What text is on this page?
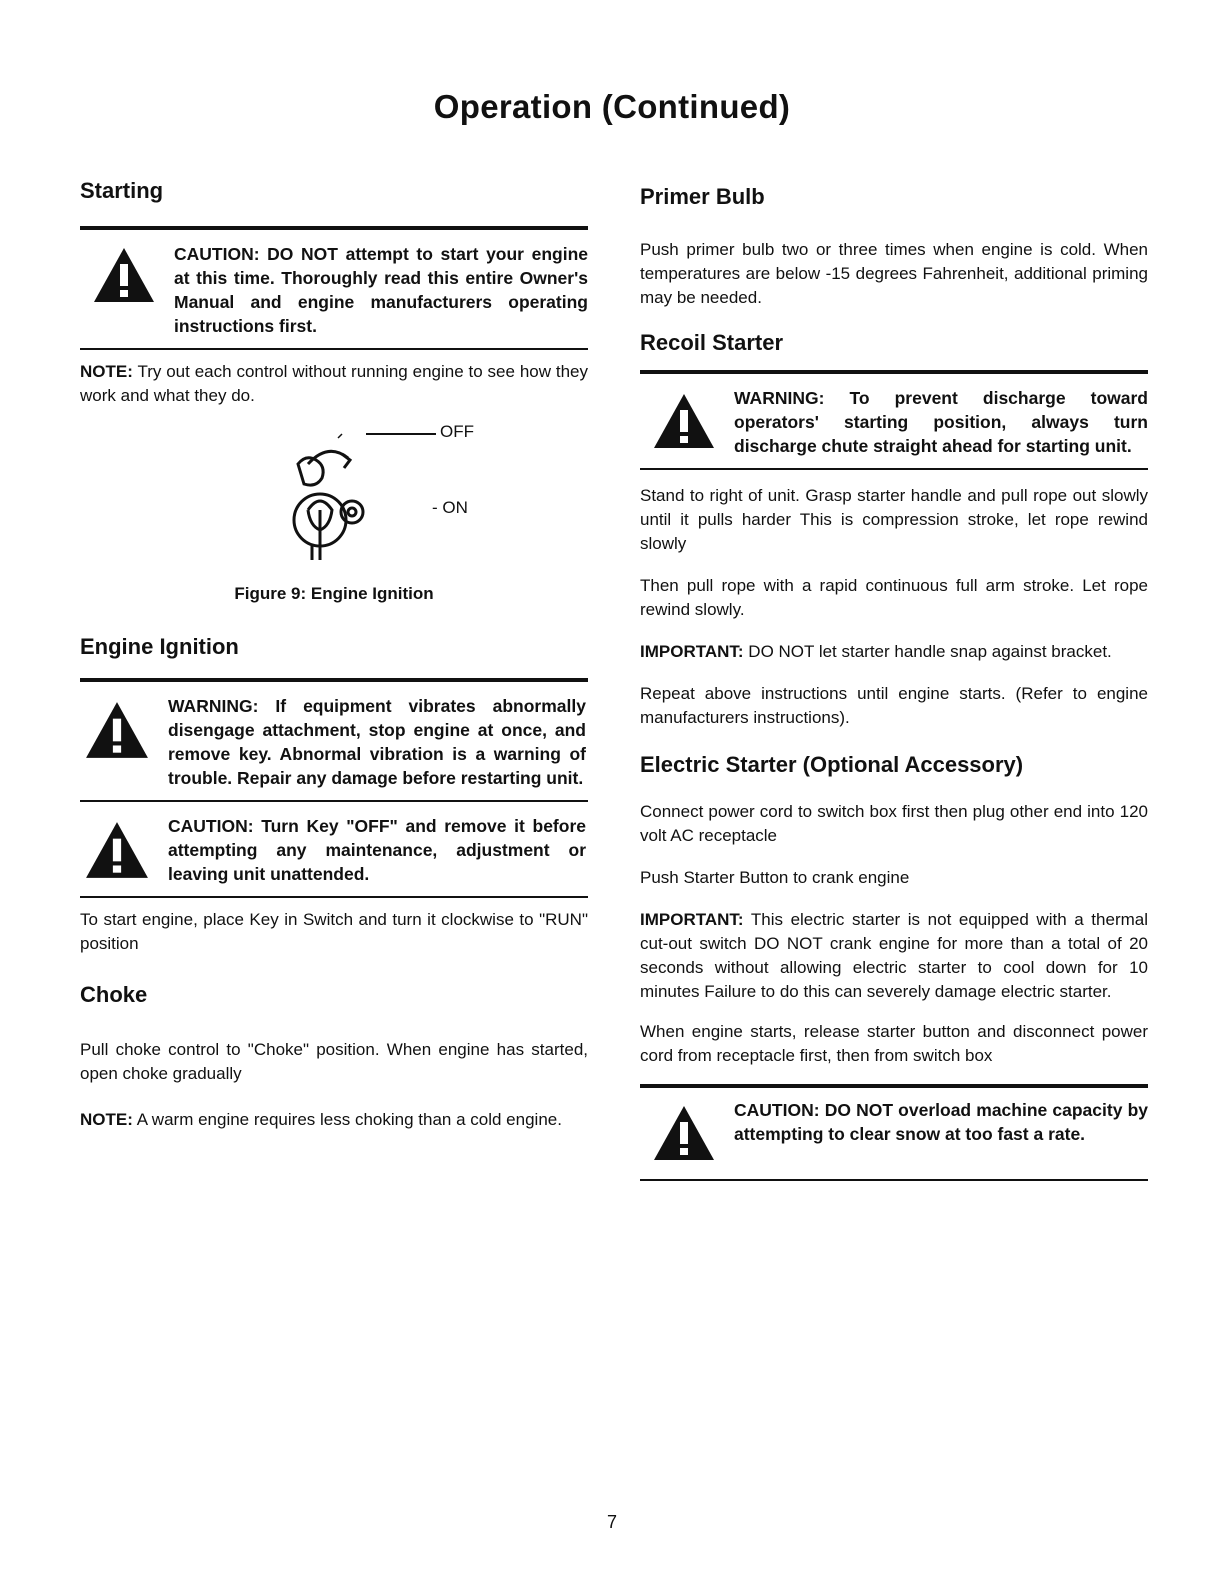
Operation (Continued)
Starting

CAUTION: DO NOT attempt to start your engine at this time. Thoroughly read this entire Owner's Manual and engine manufacturers operating instructions first.

NOTE: Try out each control without running engine to see how they work and what they do.

OFF
- ON
Figure 9: Engine Ignition
Engine Ignition

WARNING: If equipment vibrates abnormally disengage attachment, stop engine at once, and remove key. Abnormal vibration is a warning of trouble. Repair any damage before restarting unit.

CAUTION: Turn Key "OFF" and remove it before attempting any maintenance, adjustment or leaving unit unattended.

To start engine, place Key in Switch and turn it clockwise to "RUN" position

Choke

Pull choke control to "Choke" position. When engine has started, open choke gradually

NOTE: A warm engine requires less choking than a cold engine.

Primer Bulb

Push primer bulb two or three times when engine is cold. When temperatures are below -15 degrees Fahrenheit, additional priming may be needed.

Recoil Starter

WARNING: To prevent discharge toward operators' starting position, always turn discharge chute straight ahead for starting unit.

Stand to right of unit. Grasp starter handle and pull rope out slowly until it pulls harder This is compression stroke, let rope rewind slowly

Then pull rope with a rapid continuous full arm stroke. Let rope rewind slowly.

IMPORTANT: DO NOT let starter handle snap against bracket.

Repeat above instructions until engine starts. (Refer to engine manufacturers instructions).

Electric Starter (Optional Accessory)

Connect power cord to switch box first then plug other end into 120 volt AC receptacle

Push Starter Button to crank engine

IMPORTANT: This electric starter is not equipped with a thermal cut-out switch DO NOT crank engine for more than a total of 20 seconds without allowing electric starter to cool down for 10 minutes Failure to do this can severely damage electric starter.

When engine starts, release starter button and disconnect power cord from receptacle first, then from switch box

CAUTION: DO NOT overload machine capacity by attempting to clear snow at too fast a rate.

7
